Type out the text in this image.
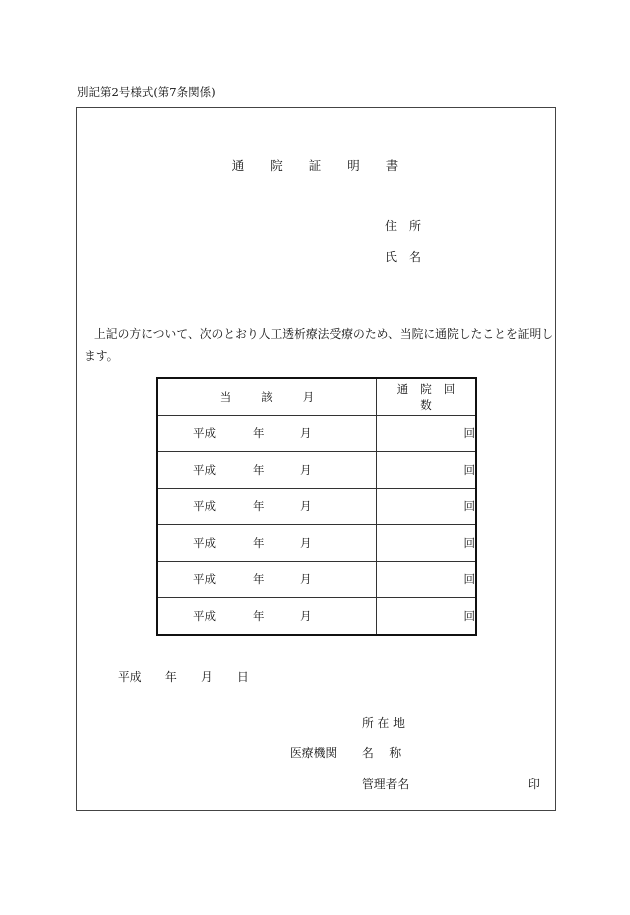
別記第2号様式(第7条関係)
通院証明書
住 所
氏 名
上記の方について、次のとおり人工透析療法受療のため、当院に通院したことを証明します。
当該月	通院回数

平成 年 月	回

平成 年 月	回

平成 年 月	回

平成 年 月	回

平成 年 月	回

平成 年 月	回
平成 年 月 日
所 在 地
医療機関 名　 称
管理者名	印
